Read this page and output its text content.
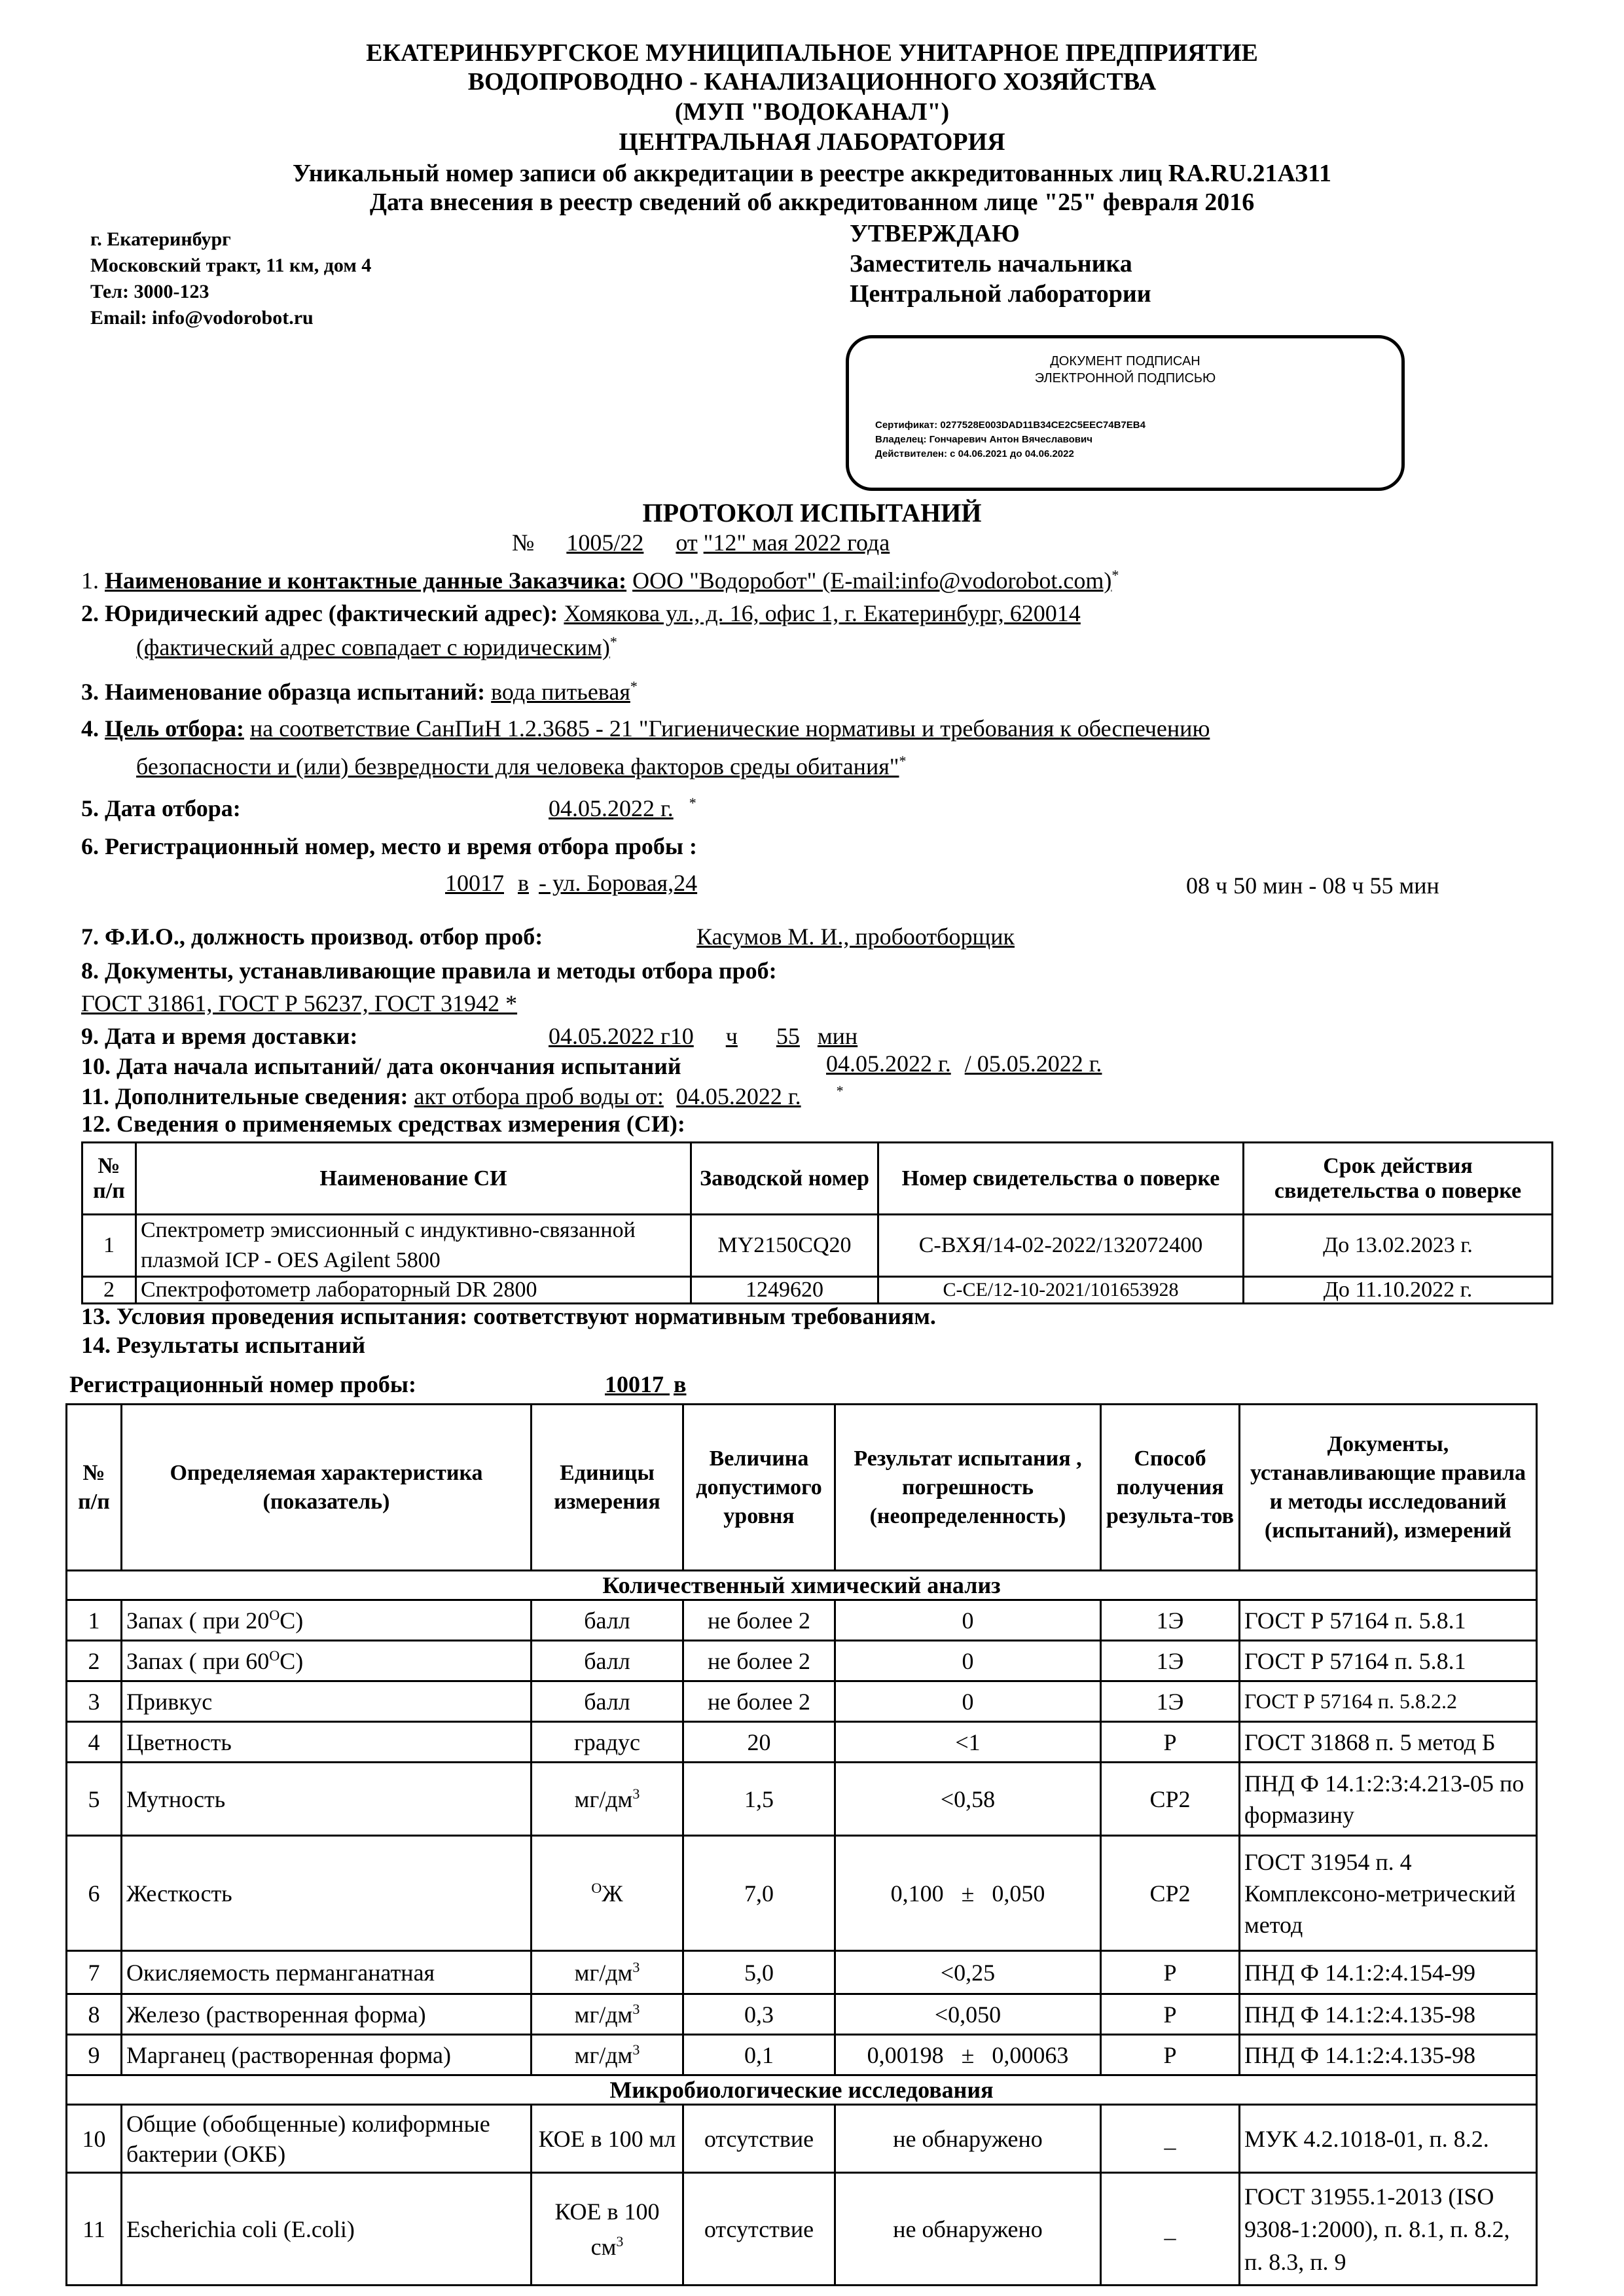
ЕКАТЕРИНБУРГСКОЕ МУНИЦИПАЛЬНОЕ УНИТАРНОЕ ПРЕДПРИЯТИЕ
ВОДОПРОВОДНО - КАНАЛИЗАЦИОННОГО ХОЗЯЙСТВА
(МУП "ВОДОКАНАЛ")
ЦЕНТРАЛЬНАЯ ЛАБОРАТОРИЯ
Уникальный номер записи об аккредитации в реестре аккредитованных лиц RA.RU.21АЗ11
Дата внесения в реестр сведений об аккредитованном лице "25" февраля 2016
г. Екатеринбург
Московский тракт, 11 км, дом 4
Тел: 3000-123
Email: info@vodorobot.ru
УТВЕРЖДАЮ
Заместитель начальника
Центральной лаборатории
ДОКУМЕНТ ПОДПИСАН
ЭЛЕКТРОННОЙ ПОДПИСЬЮ
Сертификат: 0277528E003DAD11B34CE2C5EEC74B7EB4
Владелец: Гончаревич Антон Вячеславович
Действителен: с 04.06.2021 до 04.06.2022
ПРОТОКОЛ ИСПЫТАНИЙ
№ 1005/22 от "12" мая 2022 года
1. Наименование и контактные данные Заказчика: ООО "Водоробот" (E-mail:info@vodorobot.com)*
2. Юридический адрес (фактический адрес): Хомякова ул., д. 16, офис 1, г. Екатеринбург, 620014
(фактический адрес совпадает с юридическим)*
3. Наименование образца испытаний: вода питьевая*
4. Цель отбора: на соответствие СанПиН 1.2.3685 - 21 "Гигиенические нормативы и требования к обеспечению
безопасности и (или) безвредности для человека факторов среды обитания"*
5. Дата отбора:	04.05.2022 г. *
6. Регистрационный номер, место и время отбора пробы :
10017 в - ул. Боровая,24	08 ч 50 мин - 08 ч 55 мин
7. Ф.И.О., должность производ. отбор проб:	Касумов М. И., пробоотборщик
8. Документы, устанавливающие правила и методы отбора проб:
ГОСТ 31861, ГОСТ Р 56237, ГОСТ 31942 *
9. Дата и время доставки:	04.05.2022 г10 ч 55 мин
10. Дата начала испытаний/ дата окончания испытаний	04.05.2022 г. / 05.05.2022 г.
11. Дополнительные сведения: акт отбора проб воды от: 04.05.2022 г. *
12. Сведения о применяемых средствах измерения (СИ):
№ п/п	Наименование СИ	Заводской номер	Номер свидетельства о поверке	Срок действия свидетельства о поверке
1	Спектрометр эмиссионный с индуктивно-связанной плазмой ICP - OES Agilent 5800	MY2150CQ20	С-ВХЯ/14-02-2022/132072400	До 13.02.2023 г.
2	Спектрофотометр лабораторный DR 2800	1249620	С-СЕ/12-10-2021/101653928	До 11.10.2022 г.
13. Условия проведения испытания: соответствуют нормативным требованиям.
14. Результаты испытаний
Регистрационный номер пробы:	10017 в
№ п/п	Определяемая характеристика (показатель)	Единицы измерения	Величина допустимого уровня	Результат испытания , погрешность (неопределенность)	Способ получения результа-тов	Документы, устанавливающие правила и методы исследований (испытаний), измерений
Количественный химический анализ						
1	Запах ( при $20^ОС$)	балл	не более 2	0	1Э	ГОСТ Р 57164 п. 5.8.1
2	Запах ( при $60^ОС$)	балл	не более 2	0	1Э	ГОСТ Р 57164 п. 5.8.1
3	Привкус	балл	не более 2	0	1Э	ГОСТ Р 57164 п. 5.8.2.2
4	Цветность	градус	20	<1	Р	ГОСТ 31868 п. 5 метод Б
5	Мутность	$мг/дм^3$	1,5	<0,58	СР2	ПНД Ф 14.1:2:3:4.213-05 по формазину
6	Жесткость	$^О$Ж	7,0	0,100   ±   0,050	СР2	ГОСТ 31954 п. 4 Комплексоно-метрический метод
7	Окисляемость перманганатная	$мг/дм^3$	5,0	<0,25	Р	ПНД Ф 14.1:2:4.154-99
8	Железо (растворенная форма)	$мг/дм^3$	0,3	<0,050	Р	ПНД Ф 14.1:2:4.135-98
9	Марганец (растворенная форма)	$мг/дм^3$	0,1	0,00198   ±   0,00063	Р	ПНД Ф 14.1:2:4.135-98
Микробиологические исследования						
10	Общие (обобщенные) колиформные бактерии (ОКБ)	КОЕ в 100 мл	отсутствие	не обнаружено	_	МУК 4.2.1018-01, п. 8.2.
11	Escherichia coli (E.coli)	КОЕ в 100 $см^3$	отсутствие	не обнаружено	_	ГОСТ 31955.1-2013 (ISO 9308-1:2000), п. 8.1, п. 8.2, п. 8.3, п. 9
